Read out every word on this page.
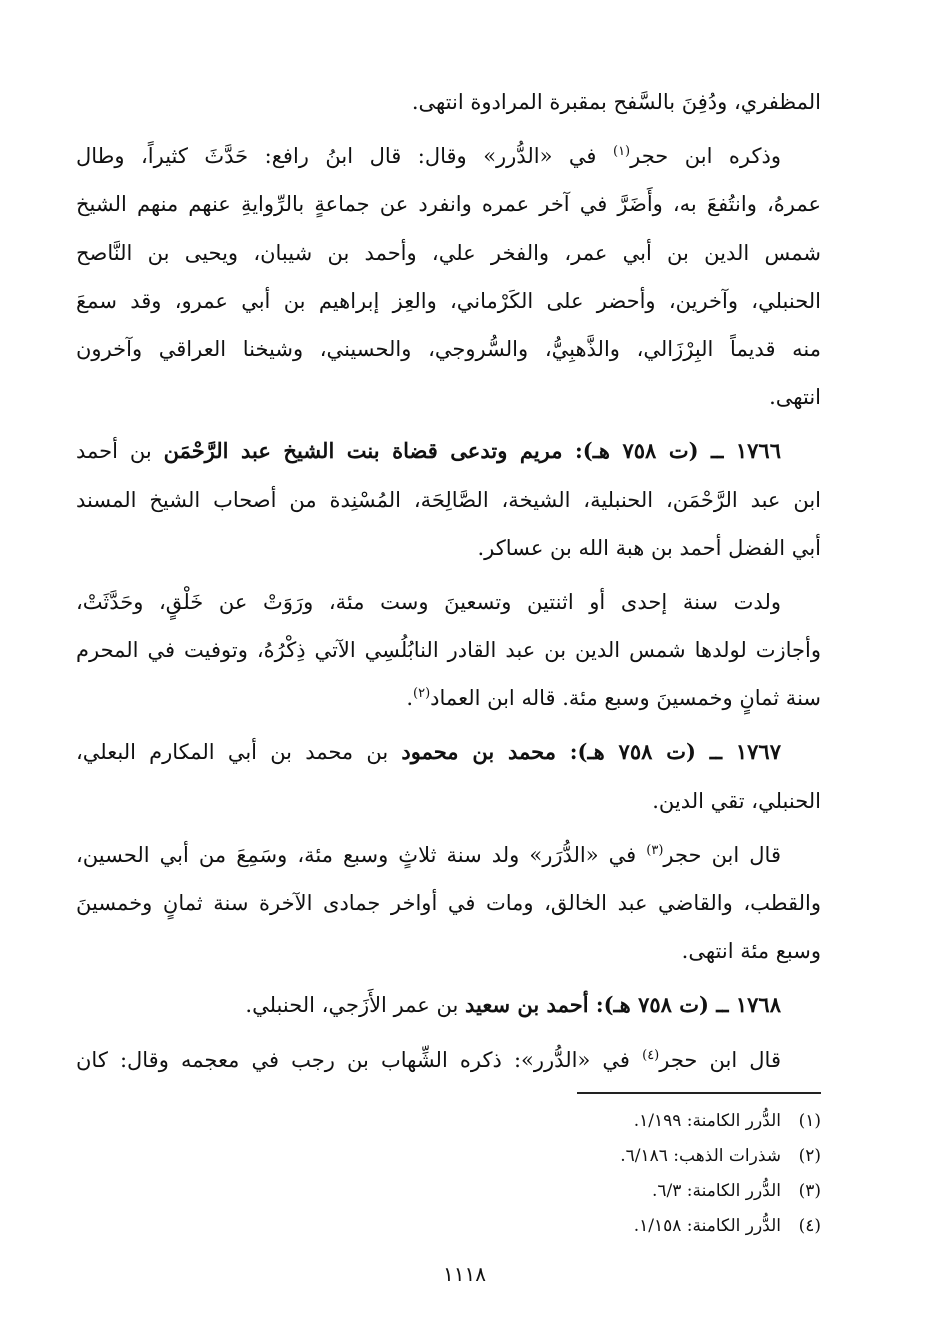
المظفري، ودُفِنَ بالسَّفح بمقبرة المرادوة انتهى.
وذكره ابن حجر$^{(١)}$ في «الدُّرر» وقال: قال ابنُ رافع: حَدَّثَ كثيراً، وطال
عمرهُ، وانتُفعَ به، وأَضَرَّ في آخر عمره وانفرد عن جماعةٍ بالرِّوايةِ عنهم منهم الشيخ
شمس الدين بن أبي عمر، والفخر علي، وأحمد بن شيبان، ويحيى بن النَّاصح
الحنبلي، وآخرين، وأحضر على الكَرْماني، والعِز إبراهيم بن أبي عمرو، وقد سمعَ
منه قديماً البِرْزَالي، والذَّهبِيُّ، والسُّروجي، والحسيني، وشيخنا العراقي وآخرون
انتهى.
١٧٦٦ ــ (ت ٧٥٨ هـ): مريم وتدعى قضاة بنت الشيخ عبد الرَّحْمَن بن أحمد
ابن عبد الرَّحْمَن، الحنبلية، الشيخة، الصَّالِحَة، المُسْنِدة من أصحاب الشيخ المسند
أبي الفضل أحمد بن هبة الله بن عساكر.
ولدت سنة إحدى أو اثنتين وتسعينَ وست مئة، ورَوَتْ عن خَلْقٍ، وحَدَّثَتْ،
وأجازت لولدها شمس الدين بن عبد القادر النابُلُسِي الآتي ذِكْرُهُ، وتوفيت في المحرم
سنة ثمانٍ وخمسينَ وسبع مئة. قاله ابن العماد$^{(٢)}$.
١٧٦٧ ــ (ت ٧٥٨ هـ): محمد بن محمود بن محمد بن أبي المكارم البعلي،
الحنبلي، تقي الدين.
قال ابن حجر$^{(٣)}$ في «الدُّرَر» ولد سنة ثلاثٍ وسبع مئة، وسَمِعَ من أبي الحسين،
والقطب، والقاضي عبد الخالق، ومات في أواخر جمادى الآخرة سنة ثمانٍ وخمسينَ
وسبع مئة انتهى.
١٧٦٨ ــ (ت ٧٥٨ هـ): أحمد بن سعيد بن عمر الأَزَجي، الحنبلي.
قال ابن حجر$^{(٤)}$ في «الدُّرر»: ذكره الشِّهاب بن رجب في معجمه وقال: كان
(١)الدُّرر الكامنة: ١/١٩٩.
(٢)شذرات الذهب: ٦/١٨٦.
(٣)الدُّرر الكامنة: ٦/٣.
(٤)الدُّرر الكامنة: ١/١٥٨.
١١١٨
